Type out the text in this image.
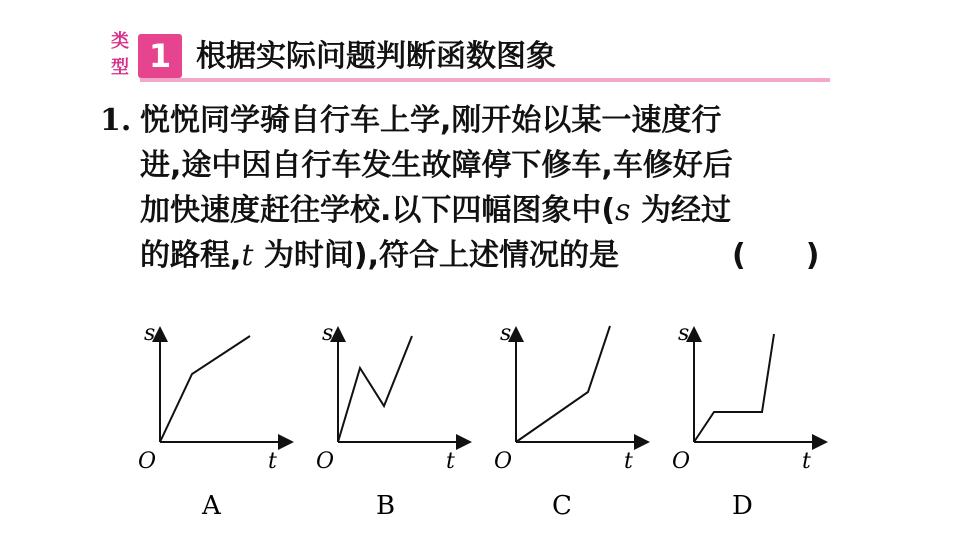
类
型 1 根据实际问题判断函数图象
1. 悦悦同学骑自行车上学,刚开始以某一速度行
进,途中因自行车发生故障停下修车,车修好后
加快速度赶往学校.以下四幅图象中(s 为经过
的路程,t 为时间),符合上述情况的是	(　　)
s
t
O
A
s
t
O
B
s
t
O
C
s
t
O
D
